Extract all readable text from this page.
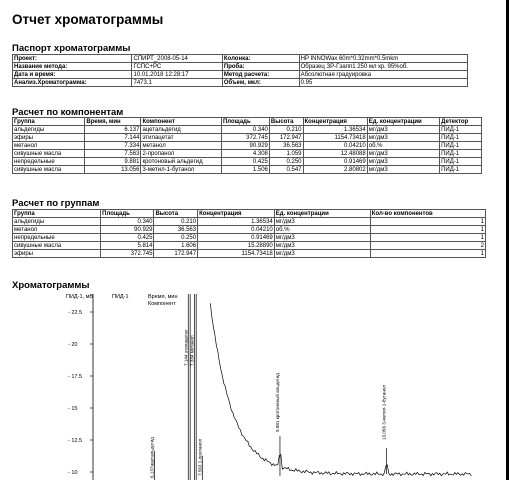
Отчет хроматограммы
Паспорт хроматограммы
Проект:	СПИРТ_2008-05-14	Колонка:	HP INNOWax 60m*0.32mm*0.5mkm
Название метода:	ГСПС+РС	Проба:	Образец ЗР-Гэапп1 250 мл кр. 95%об.
Дата и время:	10.01.2018 12:28:17	Метод расчета:	Абсолютная градуировка
Анализ.Хроматограмма:	7473.1	Объем, мкл:	0.95
Расчет по компонентам
Группа	Время, мин	Компонент	Площадь	Высота	Концентрация	Ед. концентрации	Детектор
альдегиды	6.137	ацетальдегид	0.340	0.210	1.36534	мг/дм3	ПИД-1
эфиры	7.144	этилацетат	372.745	172.947	1154.73418	мг/дм3	ПИД-1
метанол	7.334	метанол	90.929	36.563	0.04210	об.%	ПИД-1
сивушные масла	7.563	2-пропанол	4.308	1.059	12.48088	мг/дм3	ПИД-1
непредельные	9.881	кротоновый альдегид	0.425	0.250	0.91469	мг/дм3	ПИД-1
сивушные масла	13.056	3-метил-1-бутанол	1.506	0.547	2.80802	мг/дм3	ПИД-1
Расчет по группам
Группа	Площадь	Высота	Концентрация	Ед. концентрации	Кол-во компонентов
альдегиды	0.340	0.210	1.36534	мг/дм3	1
метанол	90.929	36.563	0.04210	об.%	1
непредельные	0.425	0.250	0.91469	мг/дм3	1
сивушные масла	5.814	1.606	15.28890	мг/дм3	2
эфиры	372.745	172.947	1154.73418	мг/дм3	1
Хроматограммы
ПИД-1, мВ	ПИД-1	Время, мин
Компонент
- 22.5
- 20
- 17.5
- 15
- 12.5
- 10	6.137ацетальдегид
7.144 этилацетат 7.334 метанол
7.563 2-пропанол
9.881 кротоновый альдегид	13.056 3-метил-1-бутанол
